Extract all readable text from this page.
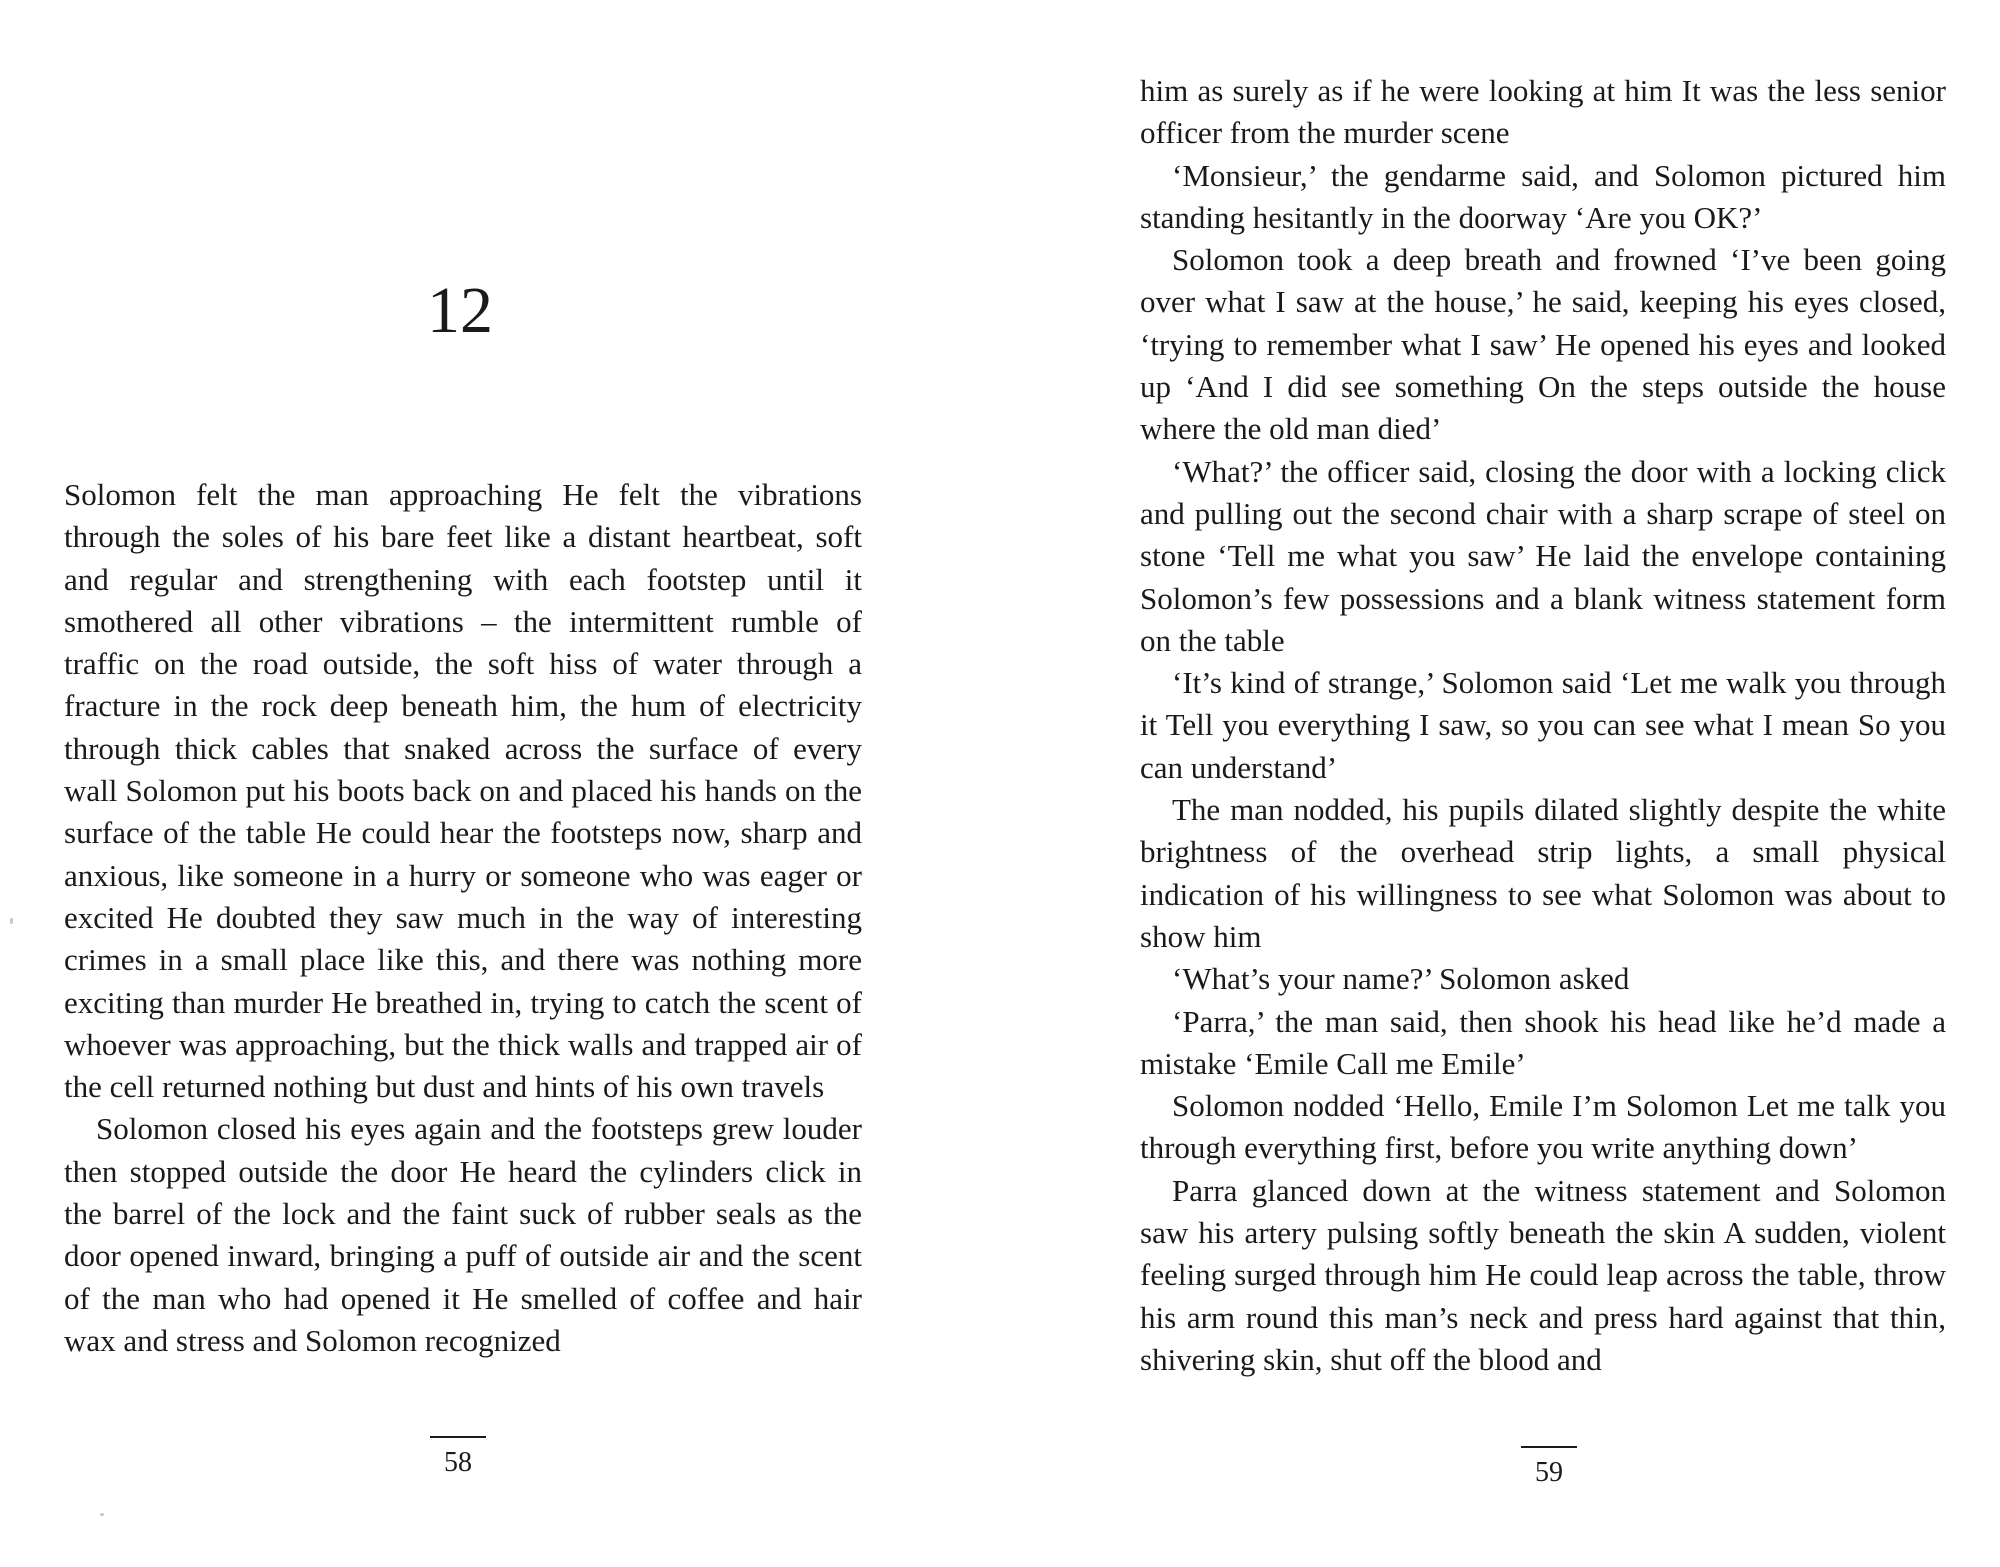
12

Solomon felt the man approaching He felt the vibrations through the soles of his bare feet like a distant heartbeat, soft and regular and strengthening with each footstep until it smothered all other vibrations – the intermittent rumble of traffic on the road outside, the soft hiss of water through a fracture in the rock deep beneath him, the hum of electricity through thick cables that snaked across the surface of every wall Solomon put his boots back on and placed his hands on the surface of the table He could hear the footsteps now, sharp and anxious, like someone in a hurry or someone who was eager or excited He doubted they saw much in the way of interesting crimes in a small place like this, and there was nothing more exciting than murder He breathed in, trying to catch the scent of whoever was approaching, but the thick walls and trapped air of the cell returned nothing but dust and hints of his own travels

Solomon closed his eyes again and the footsteps grew louder then stopped outside the door He heard the cylinders click in the barrel of the lock and the faint suck of rubber seals as the door opened inward, bringing a puff of outside air and the scent of the man who had opened it He smelled of coffee and hair wax and stress and Solomon recognized

58

him as surely as if he were looking at him It was the less senior officer from the murder scene

‘Monsieur,’ the gendarme said, and Solomon pictured him standing hesitantly in the doorway ‘Are you OK?’

Solomon took a deep breath and frowned ‘I’ve been going over what I saw at the house,’ he said, keeping his eyes closed, ‘trying to remember what I saw’ He opened his eyes and looked up ‘And I did see something On the steps outside the house where the old man died’

‘What?’ the officer said, closing the door with a locking click and pulling out the second chair with a sharp scrape of steel on stone ‘Tell me what you saw’ He laid the envelope containing Solomon’s few possessions and a blank witness statement form on the table

‘It’s kind of strange,’ Solomon said ‘Let me walk you through it Tell you everything I saw, so you can see what I mean So you can understand’

The man nodded, his pupils dilated slightly despite the white brightness of the overhead strip lights, a small physical indication of his willingness to see what Solomon was about to show him

‘What’s your name?’ Solomon asked

‘Parra,’ the man said, then shook his head like he’d made a mistake ‘Emile Call me Emile’

Solomon nodded ‘Hello, Emile I’m Solomon Let me talk you through everything first, before you write anything down’

Parra glanced down at the witness statement and Solomon saw his artery pulsing softly beneath the skin A sudden, violent feeling surged through him He could leap across the table, throw his arm round this man’s neck and press hard against that thin, shivering skin, shut off the blood and

59
